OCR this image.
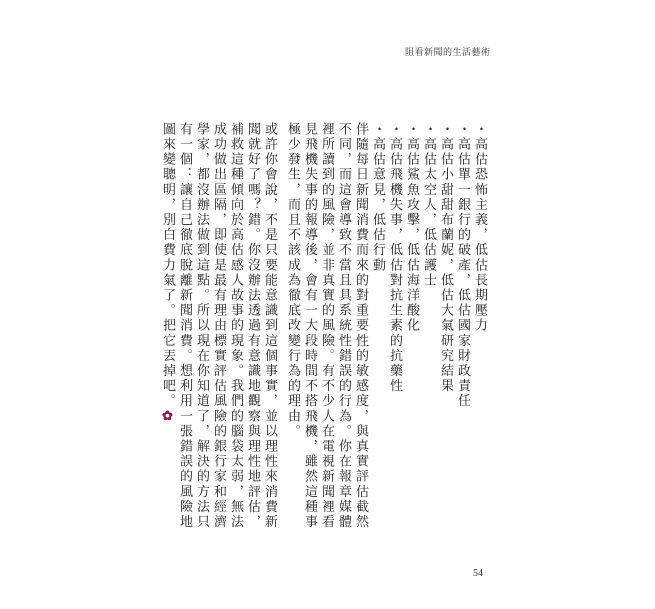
阻看新聞的生活藝術

・高估恐怖主義，低估長期壓力

・高估單一銀行的破產，低估國家財政責任

・高估小甜甜布蘭妮，低估大氣研究結果

・高估太空人，低估護士

・高估鯊魚攻擊，低估海洋酸化

・高估飛機失事，低估對抗生素的抗藥性

・高估意見，低估行動

伴隨每日新聞消費而來的對重要性的敏感度，與真實評估截然不同，而這會導致不當且具系統性錯誤的行為。你在報章媒體裡所讀到的風險，並非真實的風險。有不少人在電視新聞裡看見飛機失事的報導後，會有一大段時間不搭飛機，雖然這種事極少發生，而且不該成為徹底改變行為的理由。

或許你會說，不是只要能意識到這個事實，並以理性來消費新聞就好了嗎？錯。你沒辦法透過有意識地觀察與理性地評估，補救這種傾向於高估感人故事的現象。我們的腦袋太弱，無法成功做出區隔，即使是最有理由標實評估風險的銀行家和經濟學家，都沒辦法做到這點。所以現在你知道了，解決的方法只有一個：讓自己徹底脫離新聞消費。想利用一張錯誤的風險地圖來變聰明，別白費力氣了。把它丟掉吧。✿

54
